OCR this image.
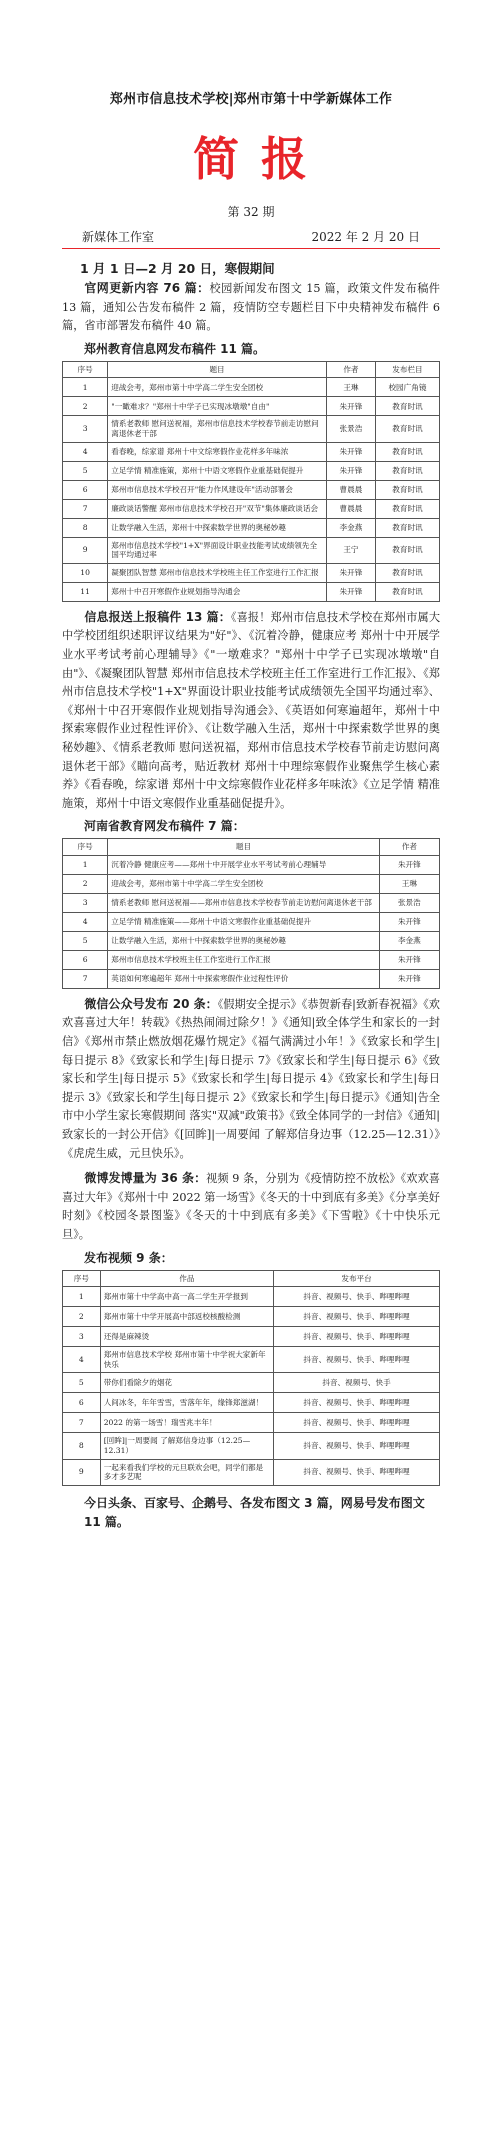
郑州市信息技术学校|郑州市第十中学新媒体工作
简报
第 32 期
新媒体工作室	2022 年 2 月 20 日
1 月 1 日—2 月 20 日，寒假期间

官网更新内容 76 篇：校园新闻发布图文 15 篇，政策文件发布稿件 13 篇，通知公告发布稿件 2 篇，疫情防空专题栏目下中央精神发布稿件 6 篇，省市部署发布稿件 40 篇。

郑州教育信息网发布稿件 11 篇。
序号	题目	作者	发布栏目
1	迎战会考，郑州市第十中学高二学生安全团校	王琳	校园广角镜
2	"一瞰难求？"郑州十中学子已实现冰墩墩"自由"	朱开锋	教育时讯
3	情系老教师 慰问送祝福，郑州市信息技术学校春节前走访慰问离退休老干部	张景浩	教育时讯
4	看春晚，综家谱 郑州十中文综寒假作业花样多年味浓	朱开锋	教育时讯
5	立足学情 精准施策，郑州十中语文寒假作业重基础促提升	朱开锋	教育时讯
6	郑州市信息技术学校召开"能力作风建设年"活动部署会	曹晨晨	教育时讯
7	廉政谈话警醒 郑州市信息技术学校召开"双节"集体廉政谈话会	曹晨晨	教育时讯
8	让数学融入生活，郑州十中探索数学世界的奥秘妙趣	李金燕	教育时讯
9	郑州市信息技术学校"1+X"界面设计职业技能考试成绩领先全国平均通过率	王宁	教育时讯
10	凝聚团队智慧 郑州市信息技术学校班主任工作室进行工作汇报	朱开锋	教育时讯
11	郑州十中召开寒假作业规划指导沟通会	朱开锋	教育时讯

信息报送上报稿件 13 篇：《喜报！郑州市信息技术学校在郑州市属大中学校团组织述职评议结果为"好"》、《沉着冷静，健康应考 郑州十中开展学业水平考试考前心理辅导》《"一墩难求？"郑州十中学子已实现冰墩墩"自由"》、《凝聚团队智慧 郑州市信息技术学校班主任工作室进行工作汇报》、《郑州市信息技术学校"1+X"界面设计职业技能考试成绩领先全国平均通过率》、《郑州十中召开寒假作业规划指导沟通会》、《英语如何寒遍超年，郑州十中探索寒假作业过程性评价》、《让数学融入生活，郑州十中探索数学世界的奥秘妙趣》、《情系老教师 慰问送祝福，郑州市信息技术学校春节前走访慰问离退休老干部》《瞄向高考，贴近教材 郑州十中理综寒假作业聚焦学生核心素养》《看春晚，综家谱 郑州十中文综寒假作业花样多年味浓》《立足学情 精准施策，郑州十中语文寒假作业重基础促提升》。

河南省教育网发布稿件 7 篇：
序号	题目	作者
1	沉着冷静 健康应考——郑州十中开展学业水平考试考前心理辅导	朱开锋
2	迎战会考，郑州市第十中学高二学生安全团校	王琳
3	情系老教师 慰问送祝福——郑州市信息技术学校春节前走访慰问离退休老干部	张景浩
4	立足学情 精准施策——郑州十中语文寒假作业重基础促提升	朱开锋
5	让数学融入生活，郑州十中探索数学世界的奥秘妙趣	李金燕
6	郑州市信息技术学校班主任工作室进行工作汇报	朱开锋
7	英语如何寒遍超年 郑州十中探索寒假作业过程性评价	朱开锋

微信公众号发布 20 条：《假期安全提示》《恭贺新春|致新春祝福》《欢欢喜喜过大年！转载》《热热闹闹过除夕！》《通知|致全体学生和家长的一封信》《郑州市禁止燃放烟花爆竹规定》《福气满满过小年！》《致家长和学生|每日提示 8》《致家长和学生|每日提示 7》《致家长和学生|每日提示 6》《致家长和学生|每日提示 5》《致家长和学生|每日提示 4》《致家长和学生|每日提示 3》《致家长和学生|每日提示 2》《致家长和学生|每日提示》《通知|告全市中小学生家长寒假期间 落实"双减"政策书》《致全体同学的一封信》《通知|致家长的一封公开信》《[回眸]|一周要闻 了解郑信身边事（12.25—12.31）》《虎虎生威，元旦快乐》。

微博发博量为 36 条：视频 9 条，分别为《疫情防控不放松》《欢欢喜喜过大年》《郑州十中 2022 第一场雪》《冬天的十中到底有多美》《分享美好时刻》《校园冬景图鉴》《冬天的十中到底有多美》《下雪啦》《十中快乐元旦》。

发布视频 9 条：
序号	作品	发布平台
1	郑州市第十中学高中高一高二学生开学报到	抖音、视频号、快手、哔哩哔哩
2	郑州市第十中学开展高中部返校核酸检测	抖音、视频号、快手、哔哩哔哩
3	还得是麻辣烫	抖音、视频号、快手、哔哩哔哩
4	郑州市信息技术学校 郑州市第十中学祝大家新年快乐	抖音、视频号、快手、哔哩哔哩
5	带你们看除夕的烟花	抖音、视频号、快手
6	人间冰冬，年年雪雪，雪落年年，缘锋郑滋湖！	抖音、视频号、快手、哔哩哔哩
7	2022 的第一场雪！瑞雪兆丰年！	抖音、视频号、快手、哔哩哔哩
8	[回眸]|一周要闻 了解郑信身边事（12.25—12.31）	抖音、视频号、快手、哔哩哔哩
9	一起来看我们学校的元旦联欢会吧，同学们都是多才多艺呢	抖音、视频号、快手、哔哩哔哩
今日头条、百家号、企鹅号、各发布图文 3 篇，网易号发布图文 11 篇。
